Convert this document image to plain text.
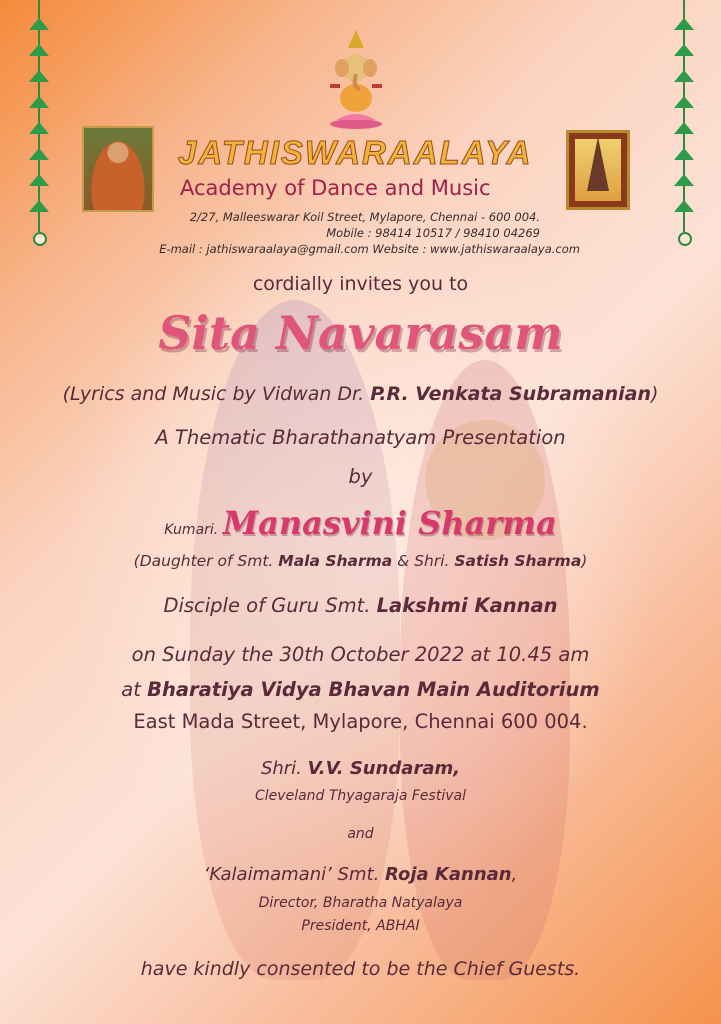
JATHISWARAALAYA
Academy of Dance and Music
2/27, Malleeswarar Koil Street, Mylapore, Chennai - 600 004.
Mobile : 98414 10517 / 98410 04269
E-mail : jathiswaraalaya@gmail.com Website : www.jathiswaraalaya.com
cordially invites you to
Sita Navarasam
(Lyrics and Music by Vidwan Dr. P.R. Venkata Subramanian)
A Thematic Bharathanatyam Presentation
by
Kumari. Manasvini Sharma
(Daughter of Smt. Mala Sharma & Shri. Satish Sharma)
Disciple of Guru Smt. Lakshmi Kannan
on Sunday the 30th October 2022 at 10.45 am
at Bharatiya Vidya Bhavan Main Auditorium
East Mada Street, Mylapore, Chennai 600 004.
Shri. V.V. Sundaram,
Cleveland Thyagaraja Festival
and
‘Kalaimamani’ Smt. Roja Kannan,
Director, Bharatha Natyalaya
President, ABHAI
have kindly consented to be the Chief Guests.
